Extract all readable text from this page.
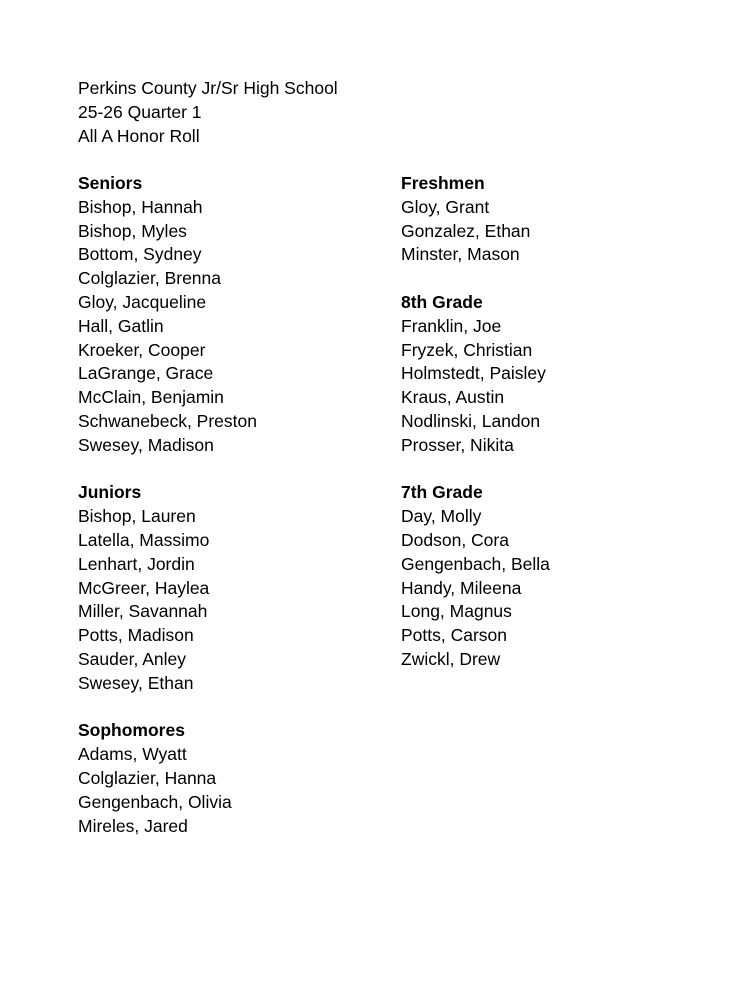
Perkins County Jr/Sr High School
25-26 Quarter 1
All A Honor Roll
Seniors
Bishop, Hannah
Bishop, Myles
Bottom, Sydney
Colglazier, Brenna
Gloy, Jacqueline
Hall, Gatlin
Kroeker, Cooper
LaGrange, Grace
McClain, Benjamin
Schwanebeck, Preston
Swesey, Madison
Juniors
Bishop, Lauren
Latella, Massimo
Lenhart, Jordin
McGreer, Haylea
Miller, Savannah
Potts, Madison
Sauder, Anley
Swesey, Ethan
Sophomores
Adams, Wyatt
Colglazier, Hanna
Gengenbach, Olivia
Mireles, Jared
Freshmen
Gloy, Grant
Gonzalez, Ethan
Minster, Mason
8th Grade
Franklin, Joe
Fryzek, Christian
Holmstedt, Paisley
Kraus, Austin
Nodlinski, Landon
Prosser, Nikita
7th Grade
Day, Molly
Dodson, Cora
Gengenbach, Bella
Handy, Mileena
Long, Magnus
Potts, Carson
Zwickl, Drew
